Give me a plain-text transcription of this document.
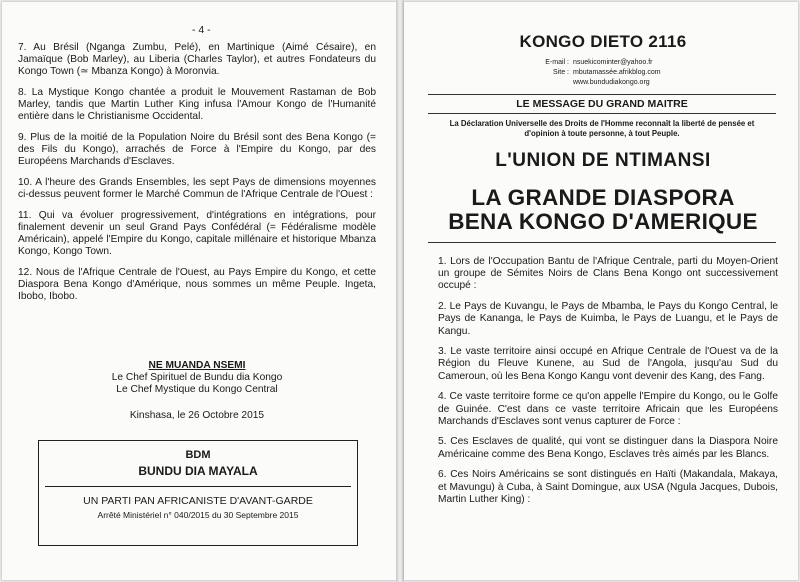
- 4 -

7. Au Brésil (Nganga Zumbu, Pelé), en Martinique (Aimé Césaire), en Jamaïque (Bob Marley), au Liberia (Charles Taylor), et autres Fondateurs du Kongo Town (≃ Mbanza Kongo) à Moronvia.

8. La Mystique Kongo chantée a produit le Mouvement Rastaman de Bob Marley, tandis que Martin Luther King infusa l'Amour Kongo de l'Humanité entière dans le Christianisme Occidental.

9. Plus de la moitié de la Population Noire du Brésil sont des Bena Kongo (= des Fils du Kongo), arrachés de Force à l'Empire du Kongo, par des Européens Marchands d'Esclaves.

10. A l'heure des Grands Ensembles, les sept Pays de dimensions moyennes ci-dessus peuvent former le Marché Commun de l'Afrique Centrale de l'Ouest :

11. Qui va évoluer progressivement, d'intégrations en intégrations, pour finalement devenir un seul Grand Pays Confédéral (= Fédéralisme modèle Américain), appelé l'Empire du Kongo, capitale millénaire et historique Mbanza Kongo, Kongo Town.

12. Nous de l'Afrique Centrale de l'Ouest, au Pays Empire du Kongo, et cette Diaspora Bena Kongo d'Amérique, nous sommes un même Peuple. Ingeta, Ibobo, Ibobo.

NE MUANDA NSEMI
Le Chef Spirituel de Bundu dia Kongo
Le Chef Mystique du Kongo Central
Kinshasa, le 26 Octobre 2015
BDM
BUNDU DIA MAYALA
UN PARTI PAN AFRICANISTE D'AVANT-GARDE
Arrêté Ministériel n° 040/2015 du 30 Septembre 2015
KONGO DIETO 2116
E-mail : nsuekicominter@yahoo.fr
Site : mbutamassée.afrikblog.com
www.bundudiakongo.org
LE MESSAGE DU GRAND MAITRE
La Déclaration Universelle des Droits de l'Homme reconnaît la liberté de pensée et d'opinion à toute personne, à tout Peuple.
L'UNION DE NTIMANSI
LA GRANDE DIASPORA
BENA KONGO D'AMERIQUE

1. Lors de l'Occupation Bantu de l'Afrique Centrale, parti du Moyen-Orient un groupe de Sémites Noirs de Clans Bena Kongo ont successivement occupé :

2. Le Pays de Kuvangu, le Pays de Mbamba, le Pays du Kongo Central, le Pays de Kananga, le Pays de Kuimba, le Pays de Luangu, et le Pays de Kangu.

3. Le vaste territoire ainsi occupé en Afrique Centrale de l'Ouest va de la Région du Fleuve Kunene, au Sud de l'Angola, jusqu'au Sud du Cameroun, où les Bena Kongo Kangu vont devenir des Kang, des Fang.

4. Ce vaste territoire forme ce qu'on appelle l'Empire du Kongo, ou le Golfe de Guinée. C'est dans ce vaste territoire Africain que les Européens Marchands d'Esclaves sont venus capturer de Force :

5. Ces Esclaves de qualité, qui vont se distinguer dans la Diaspora Noire Américaine comme des Bena Kongo, Esclaves très aimés par les Blancs.

6. Ces Noirs Américains se sont distingués en Haïti (Makandala, Makaya, et Mavungu) à Cuba, à Saint Domingue, aux USA (Ngula Jacques, Dubois, Martin Luther King) :
